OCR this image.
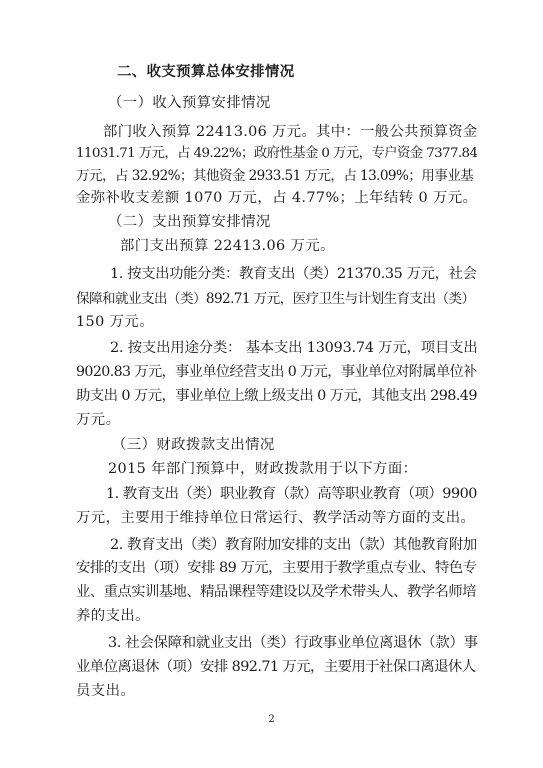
二、收支预算总体安排情况
（一）收入预算安排情况
部门收入预算 22413.06 万元。其中：一般公共预算资金
11031.71 万元，占 49.22%；政府性基金 0 万元，专户资金 7377.84
万元，占 32.92%；其他资金 2933.51 万元，占 13.09%；用事业基
金弥补收支差额 1070 万元，占 4.77%；上年结转 0 万元。
（二）支出预算安排情况
部门支出预算 22413.06 万元。
1. 按支出功能分类：教育支出（类）21370.35 万元，社会
保障和就业支出（类）892.71 万元，医疗卫生与计划生育支出（类）
150 万元。
2. 按支出用途分类： 基本支出 13093.74 万元，项目支出
9020.83 万元，事业单位经营支出 0 万元，事业单位对附属单位补
助支出 0 万元，事业单位上缴上级支出 0 万元，其他支出 298.49
万元。
（三）财政拨款支出情况
2015 年部门预算中，财政拨款用于以下方面：
1. 教育支出（类）职业教育（款）高等职业教育（项）9900
万元，主要用于维持单位日常运行、教学活动等方面的支出。
2. 教育支出（类）教育附加安排的支出（款）其他教育附加
安排的支出（项）安排 89 万元，主要用于教学重点专业、特色专
业、重点实训基地、精品课程等建设以及学术带头人、教学名师培
养的支出。
3. 社会保障和就业支出（类）行政事业单位离退休（款）事
业单位离退休（项）安排 892.71 万元，主要用于社保口离退休人
员支出。
2
